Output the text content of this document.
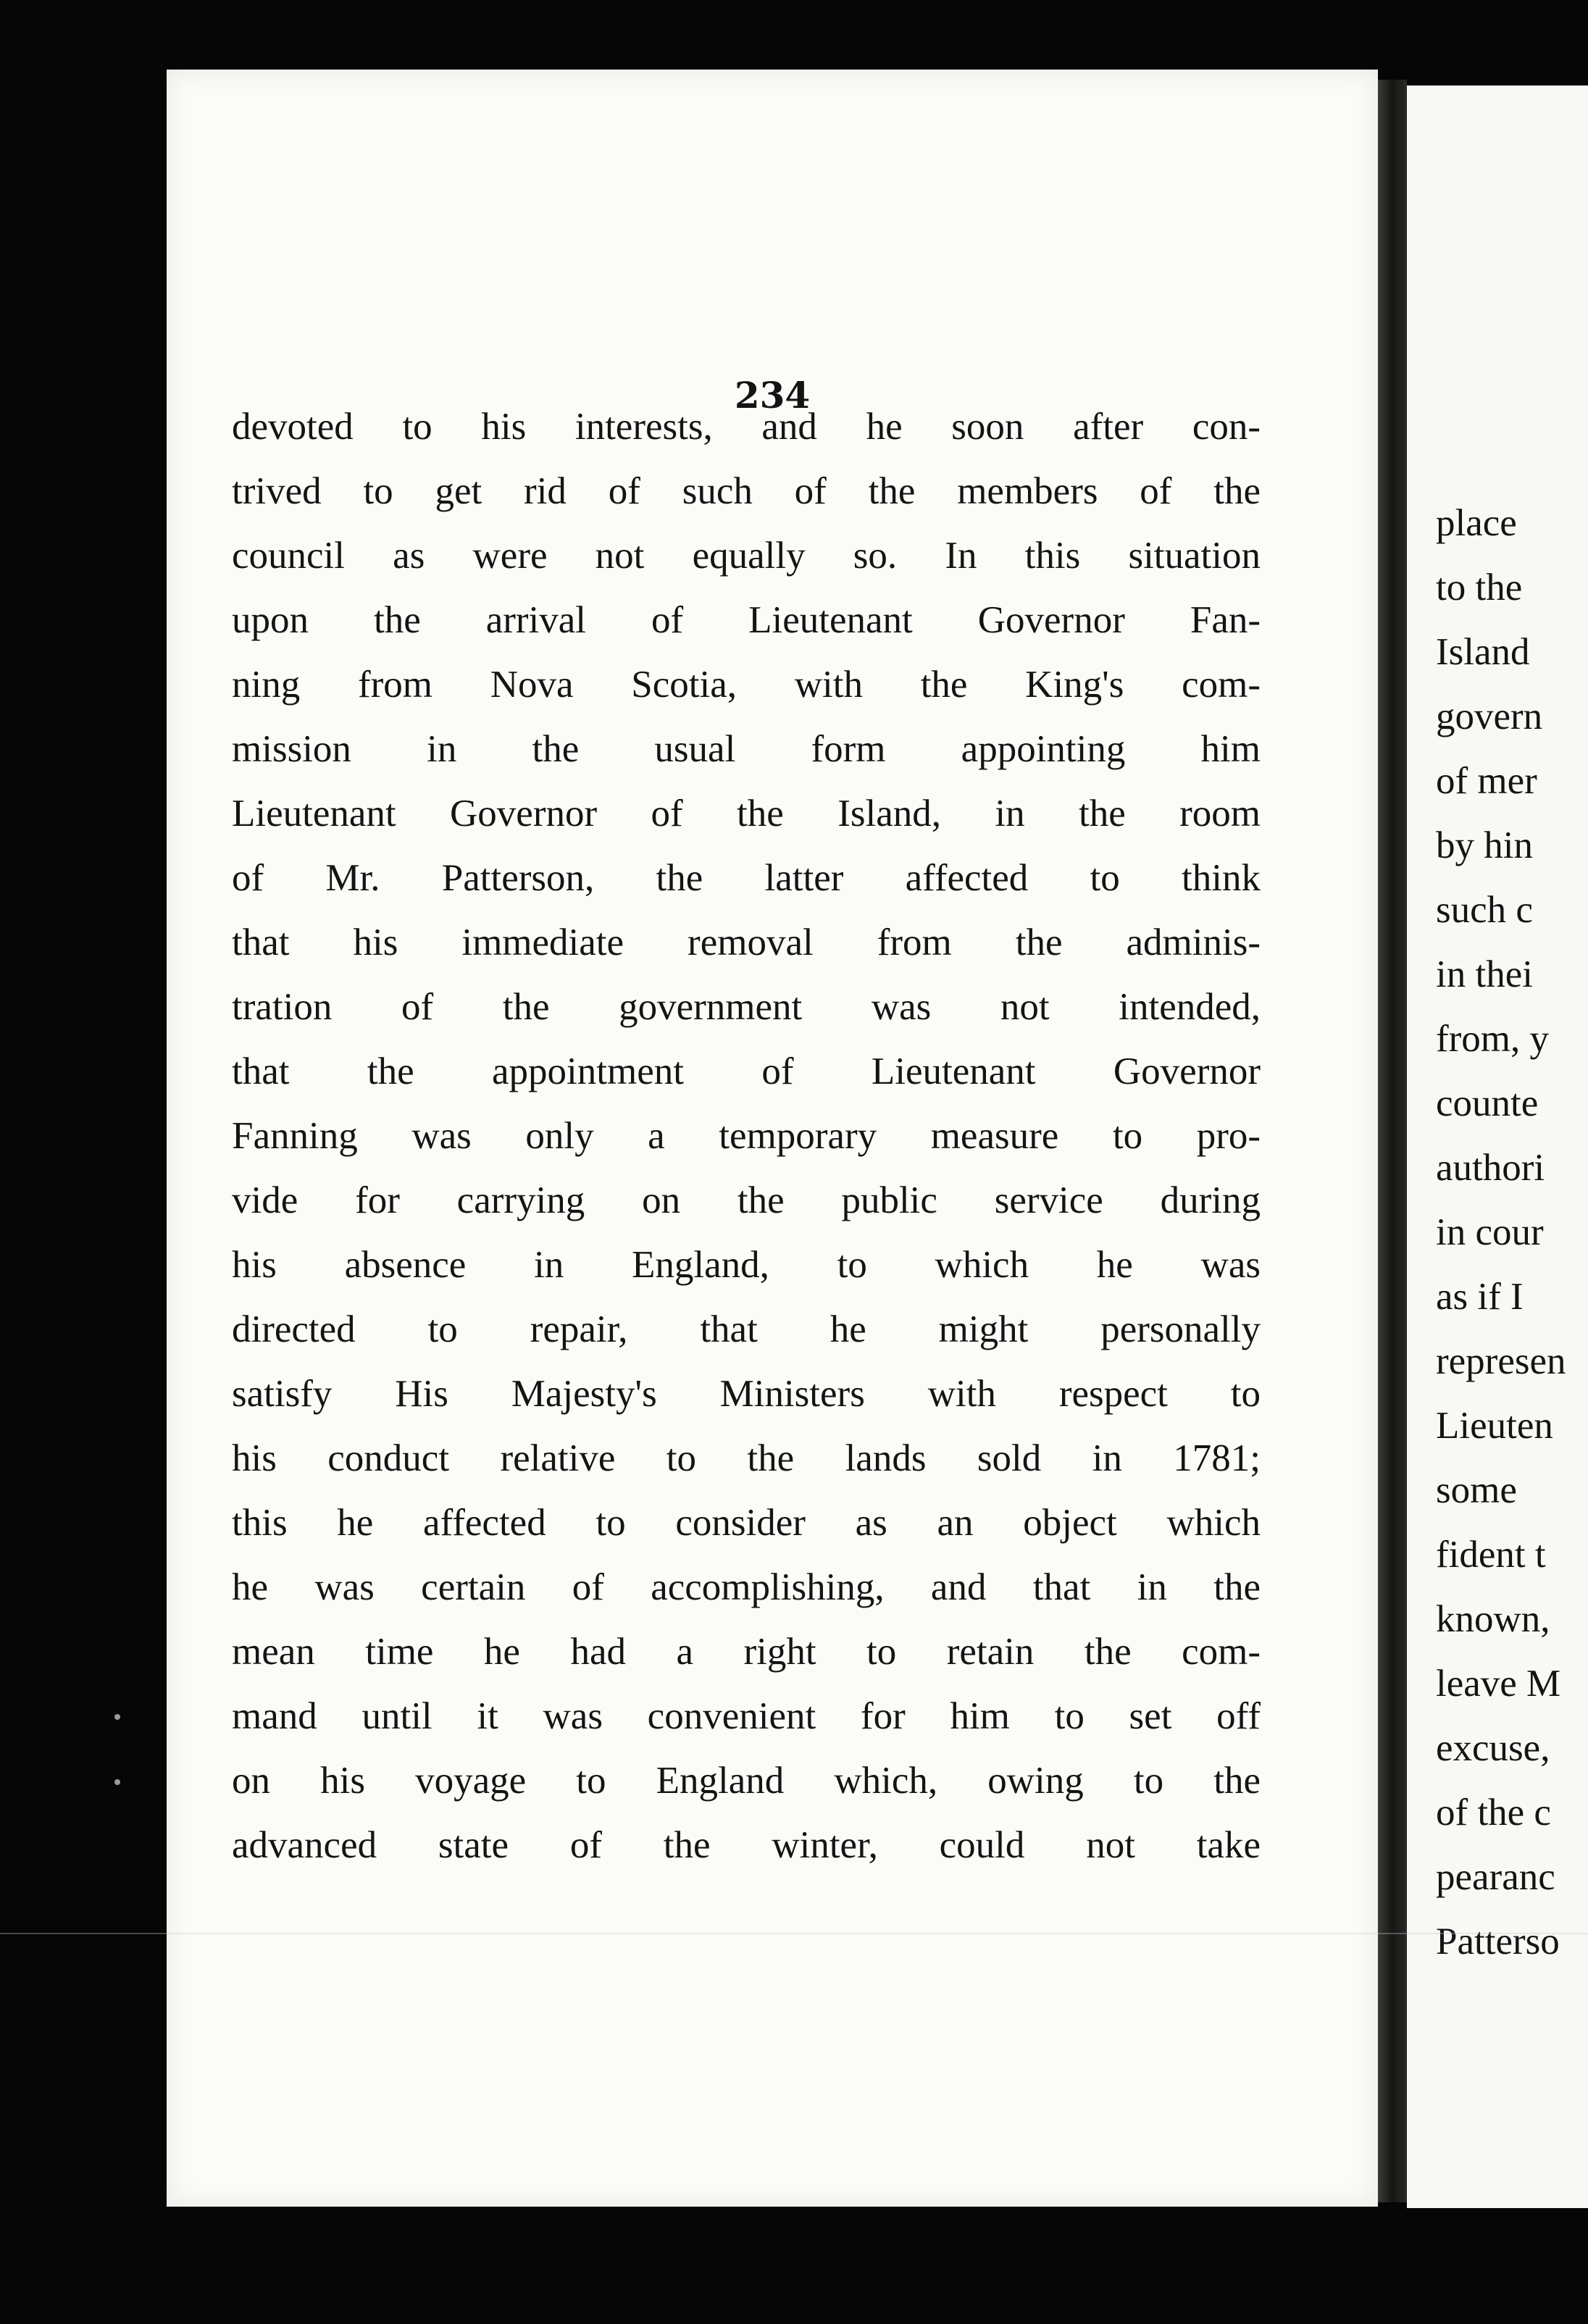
234
devoted to his interests, and he soon after con-
trived to get rid of such of the members of the
council as were not equally so. In this situation
upon the arrival of Lieutenant Governor Fan-
ning from Nova Scotia, with the King's com-
mission in the usual form appointing him
Lieutenant Governor of the Island, in the room
of Mr. Patterson, the latter affected to think
that his immediate removal from the adminis-
tration of the government was not intended,
that the appointment of Lieutenant Governor
Fanning was only a temporary measure to pro-
vide for carrying on the public service during
his absence in England, to which he was
directed to repair, that he might personally
satisfy His Majesty's Ministers with respect to
his conduct relative to the lands sold in 1781;
this he affected to consider as an object which
he was certain of accomplishing, and that in the
mean time he had a right to retain the com-
mand until it was convenient for him to set off
on his voyage to England which, owing to the
advanced state of the winter, could not take
place
to the
Island
govern
of mer
by hin
such c
in thei
from, y
counte
authori
in cour
as if I
represen
Lieuten
some
fident t
known,
leave M
excuse,
of the c
pearanc
Patterso
